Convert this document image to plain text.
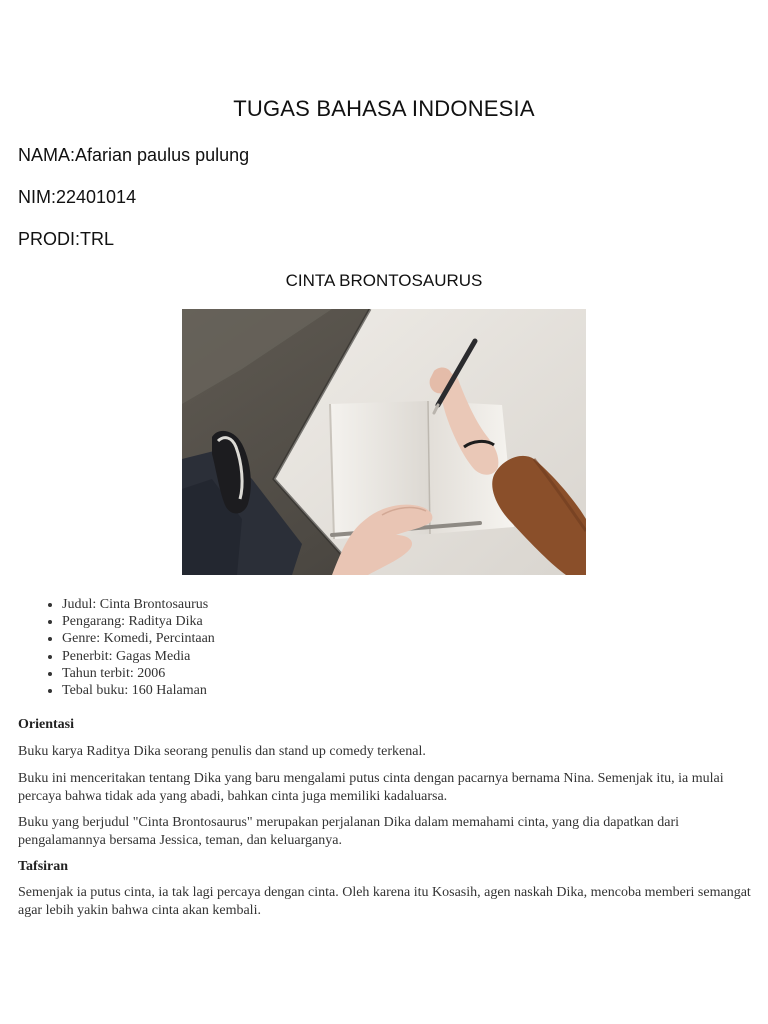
TUGAS BAHASA INDONESIA
NAMA:Afarian paulus pulung
NIM:22401014
PRODI:TRL
CINTA BRONTOSAURUS
• Judul: Cinta Brontosaurus
• Pengarang: Raditya Dika
• Genre: Komedi, Percintaan
• Penerbit: Gagas Media
• Tahun terbit: 2006
• Tebal buku: 160 Halaman
Orientasi

Buku karya Raditya Dika seorang penulis dan stand up comedy terkenal.

Buku ini menceritakan tentang Dika yang baru mengalami putus cinta dengan pacarnya bernama Nina. Semenjak itu, ia mulai percaya bahwa tidak ada yang abadi, bahkan cinta juga memiliki kadaluarsa.

Buku yang berjudul "Cinta Brontosaurus" merupakan perjalanan Dika dalam memahami cinta, yang dia dapatkan dari pengalamannya bersama Jessica, teman, dan keluarganya.

Tafsiran

Semenjak ia putus cinta, ia tak lagi percaya dengan cinta. Oleh karena itu Kosasih, agen naskah Dika, mencoba memberi semangat agar lebih yakin bahwa cinta akan kembali.
